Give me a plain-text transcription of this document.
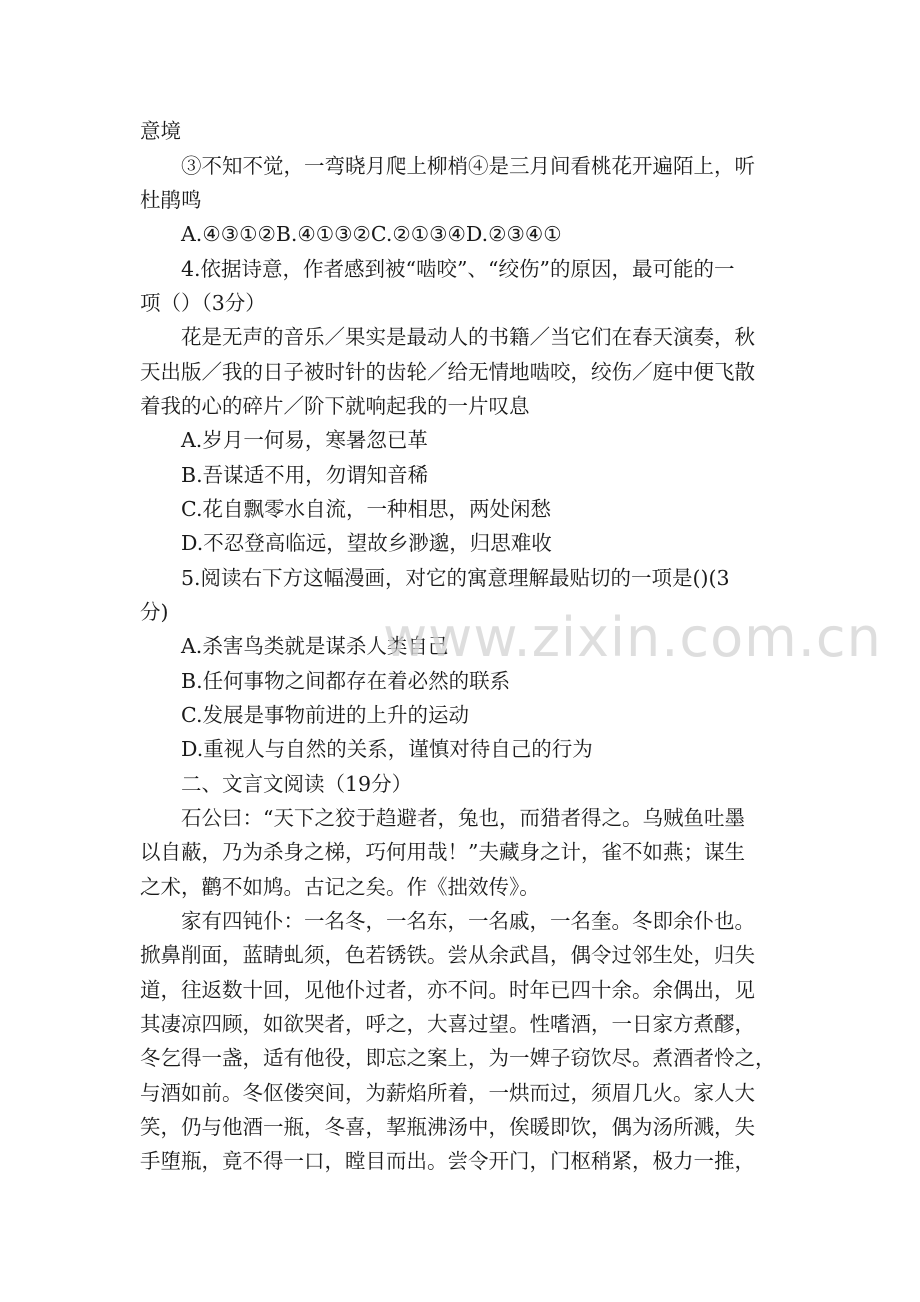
意境
③不知不觉，一弯晓月爬上柳梢④是三月间看桃花开遍陌上，听
杜鹃鸣
A.④③①②B.④①③②C.②①③④D.②③④①
4.依据诗意，作者感到被“啮咬”、“绞伤”的原因，最可能的一
项（）（3分）
花是无声的音乐／果实是最动人的书籍／当它们在春天演奏，秋
天出版／我的日子被时针的齿轮／给无情地啮咬，绞伤／庭中便飞散
着我的心的碎片／阶下就响起我的一片叹息
A.岁月一何易，寒暑忽已革
B.吾谋适不用，勿谓知音稀
C.花自飘零水自流，一种相思，两处闲愁
D.不忍登高临远，望故乡渺邈，归思难收
5.阅读右下方这幅漫画，对它的寓意理解最贴切的一项是()(3
分)
A.杀害鸟类就是谋杀人类自己
B.任何事物之间都存在着必然的联系
C.发展是事物前进的上升的运动
D.重视人与自然的关系，谨慎对待自己的行为
二、文言文阅读（19分）
石公曰：“天下之狡于趋避者，兔也，而猎者得之。乌贼鱼吐墨
以自蔽，乃为杀身之梯，巧何用哉！”夫藏身之计，雀不如燕；谋生
之术，鹳不如鸠。古记之矣。作《拙效传》。
家有四钝仆：一名冬，一名东，一名戚，一名奎。冬即余仆也。
掀鼻削面，蓝睛虬须，色若锈铁。尝从余武昌，偶令过邻生处，归失
道，往返数十回，见他仆过者，亦不问。时年已四十余。余偶出，见
其凄凉四顾，如欲哭者，呼之，大喜过望。性嗜酒，一日家方煮醪，
冬乞得一盏，适有他役，即忘之案上，为一婢子窃饮尽。煮酒者怜之，
与酒如前。冬伛偻突间，为薪焰所着，一烘而过，须眉几火。家人大
笑，仍与他酒一瓶，冬喜，挈瓶沸汤中，俟暖即饮，偶为汤所溅，失
手堕瓶，竟不得一口，瞠目而出。尝令开门，门枢稍紧，极力一推，
www.zixin.com.cn
